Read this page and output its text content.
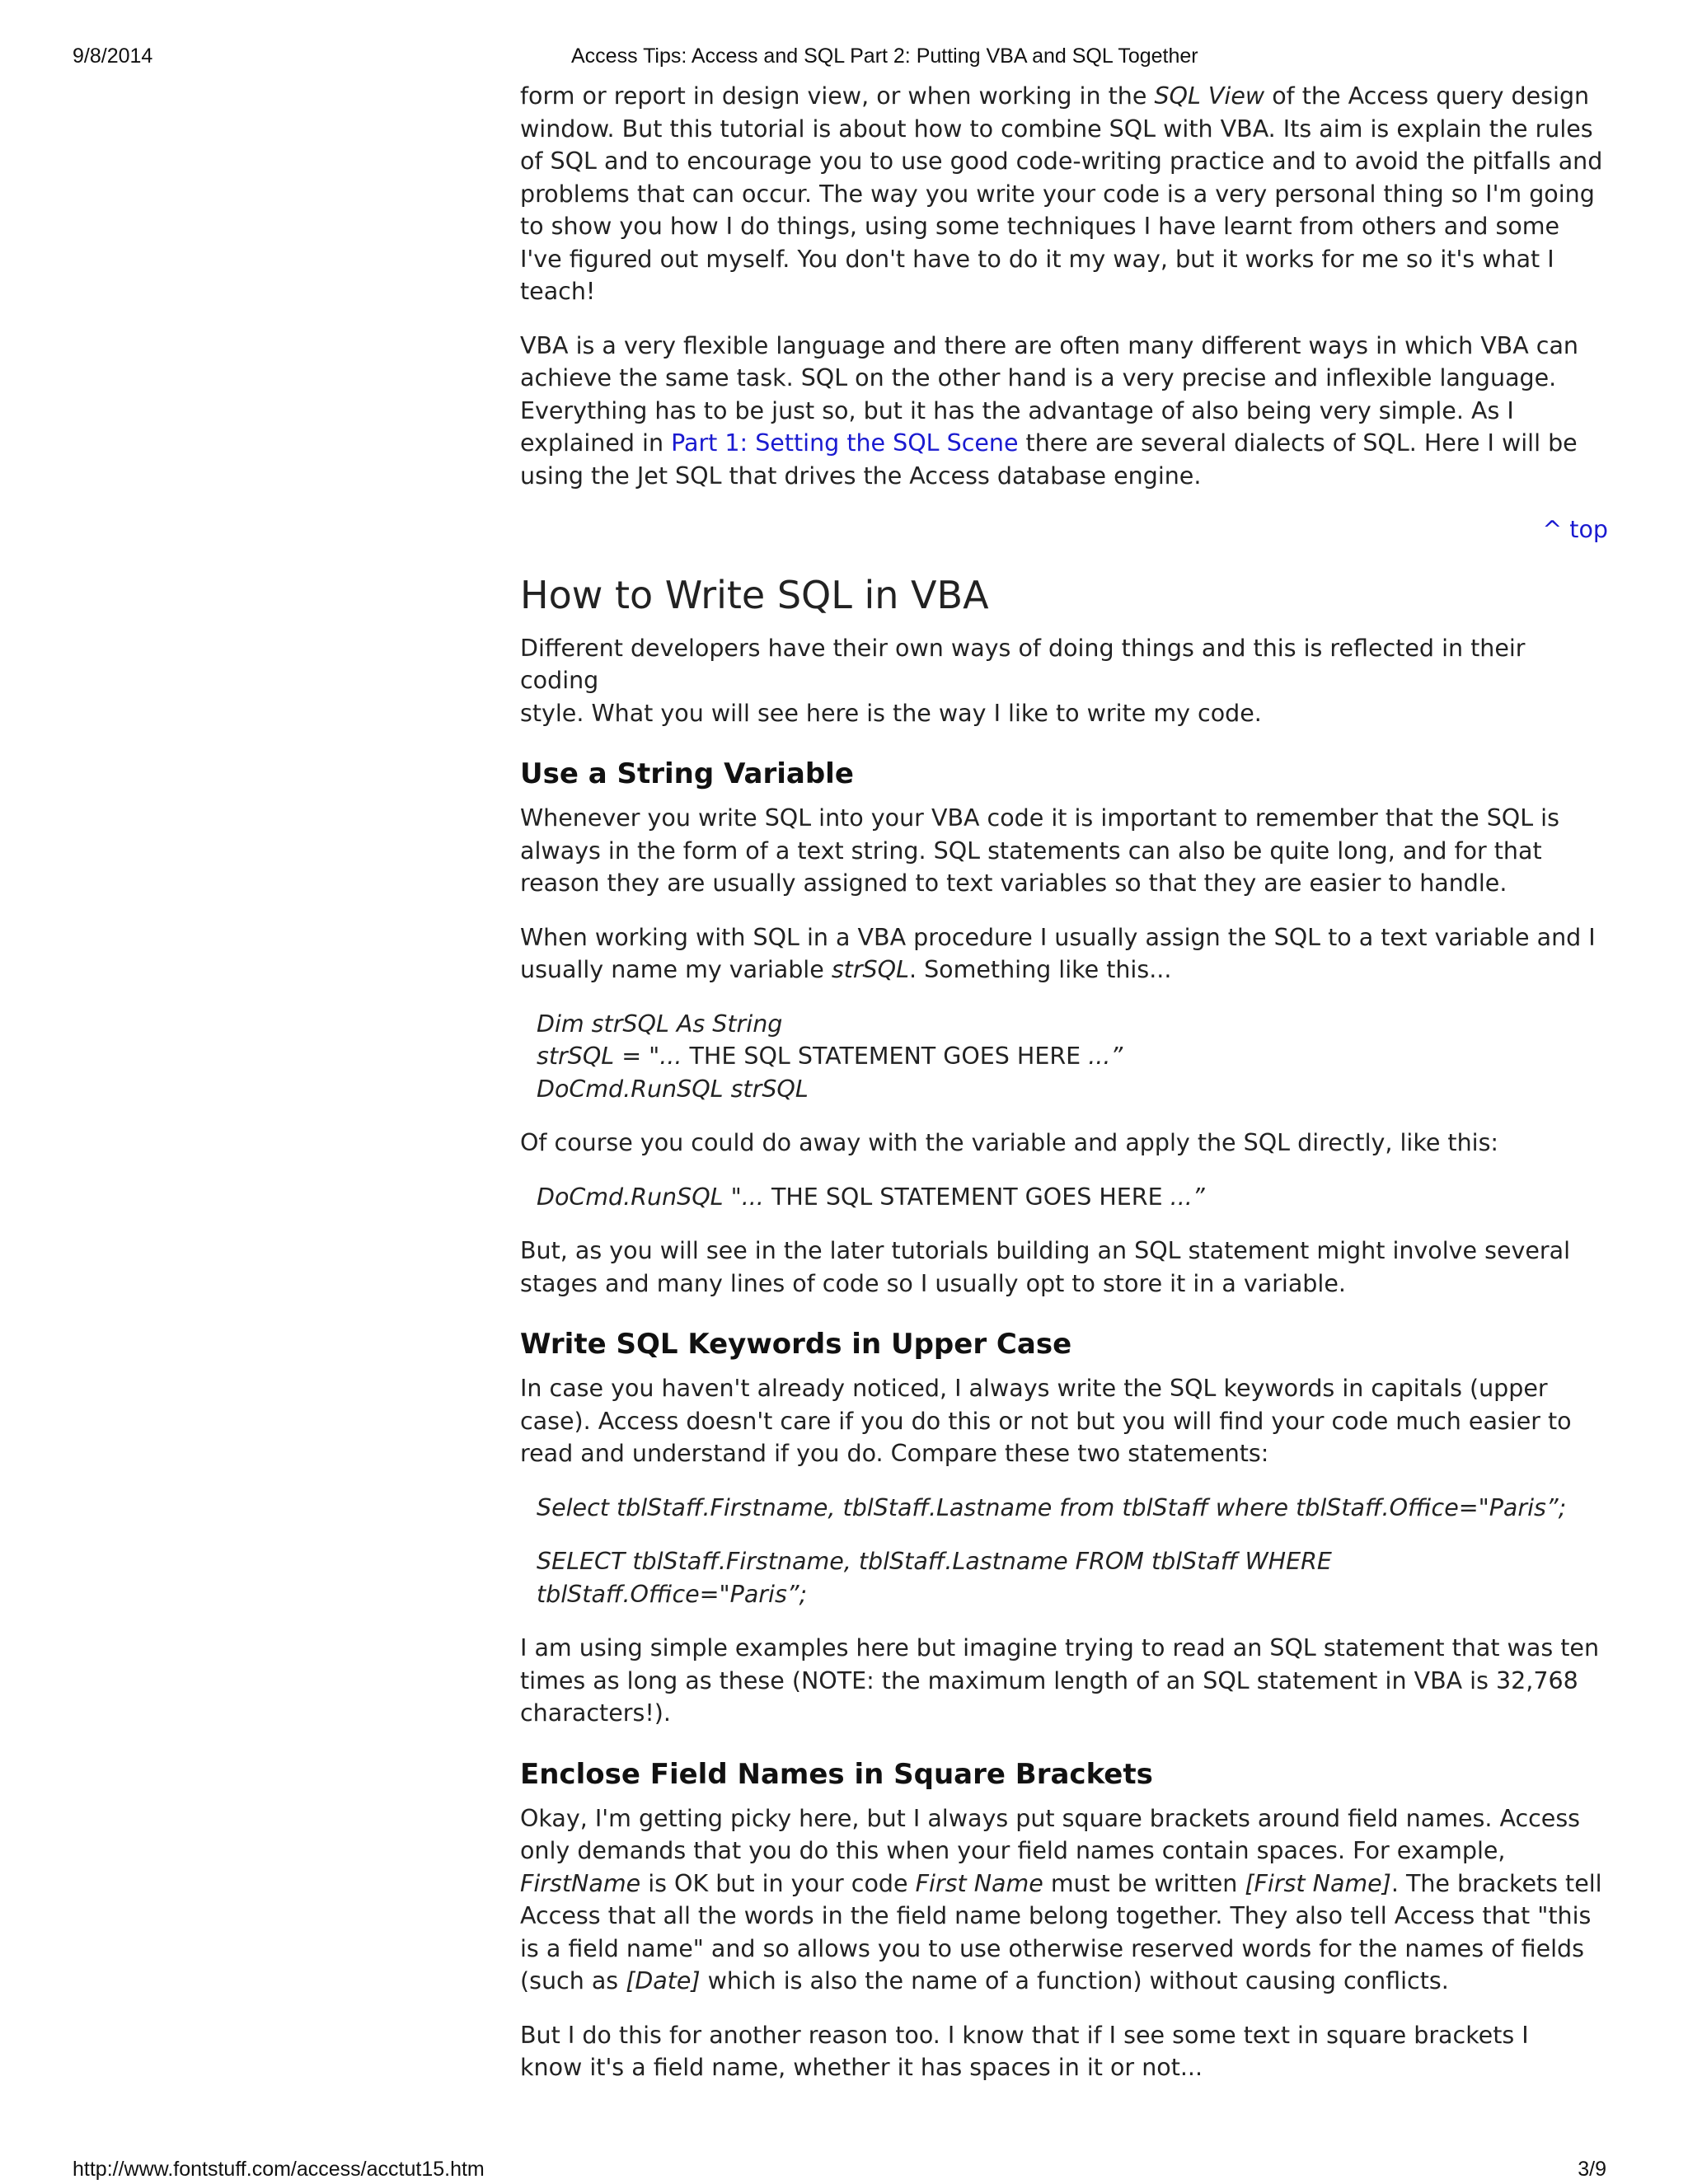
9/8/2014	Access Tips: Access and SQL Part 2: Putting VBA and SQL Together

form or report in design view, or when working in the SQL View of the Access query design
window. But this tutorial is about how to combine SQL with VBA. Its aim is explain the rules
of SQL and to encourage you to use good code-writing practice and to avoid the pitfalls and
problems that can occur. The way you write your code is a very personal thing so I'm going
to show you how I do things, using some techniques I have learnt from others and some
I've figured out myself. You don't have to do it my way, but it works for me so it's what I
teach!

VBA is a very flexible language and there are often many different ways in which VBA can
achieve the same task. SQL on the other hand is a very precise and inflexible language.
Everything has to be just so, but it has the advantage of also being very simple. As I
explained in Part 1: Setting the SQL Scene there are several dialects of SQL. Here I will be
using the Jet SQL that drives the Access database engine.

^ top
How to Write SQL in VBA

Different developers have their own ways of doing things and this is reflected in their coding
style. What you will see here is the way I like to write my code.

Use a String Variable

Whenever you write SQL into your VBA code it is important to remember that the SQL is
always in the form of a text string. SQL statements can also be quite long, and for that
reason they are usually assigned to text variables so that they are easier to handle.

When working with SQL in a VBA procedure I usually assign the SQL to a text variable and I
usually name my variable strSQL. Something like this...

Dim strSQL As String
strSQL = "... THE SQL STATEMENT GOES HERE ...”
DoCmd.RunSQL strSQL

Of course you could do away with the variable and apply the SQL directly, like this:

DoCmd.RunSQL "... THE SQL STATEMENT GOES HERE ...”

But, as you will see in the later tutorials building an SQL statement might involve several
stages and many lines of code so I usually opt to store it in a variable.

Write SQL Keywords in Upper Case

In case you haven't already noticed, I always write the SQL keywords in capitals (upper
case). Access doesn't care if you do this or not but you will find your code much easier to
read and understand if you do. Compare these two statements:

Select tblStaff.Firstname, tblStaff.Lastname from tblStaff where tblStaff.Office="Paris”;
SELECT tblStaff.Firstname, tblStaff.Lastname FROM tblStaff WHERE tblStaff.Office="Paris”;

I am using simple examples here but imagine trying to read an SQL statement that was ten
times as long as these (NOTE: the maximum length of an SQL statement in VBA is 32,768
characters!).

Enclose Field Names in Square Brackets

Okay, I'm getting picky here, but I always put square brackets around field names. Access
only demands that you do this when your field names contain spaces. For example,
FirstName is OK but in your code First Name must be written [First Name]. The brackets tell
Access that all the words in the field name belong together. They also tell Access that "this
is a field name" and so allows you to use otherwise reserved words for the names of fields
(such as [Date] which is also the name of a function) without causing conflicts.

But I do this for another reason too. I know that if I see some text in square brackets I
know it's a field name, whether it has spaces in it or not...

http://www.fontstuff.com/access/acctut15.htm	3/9
